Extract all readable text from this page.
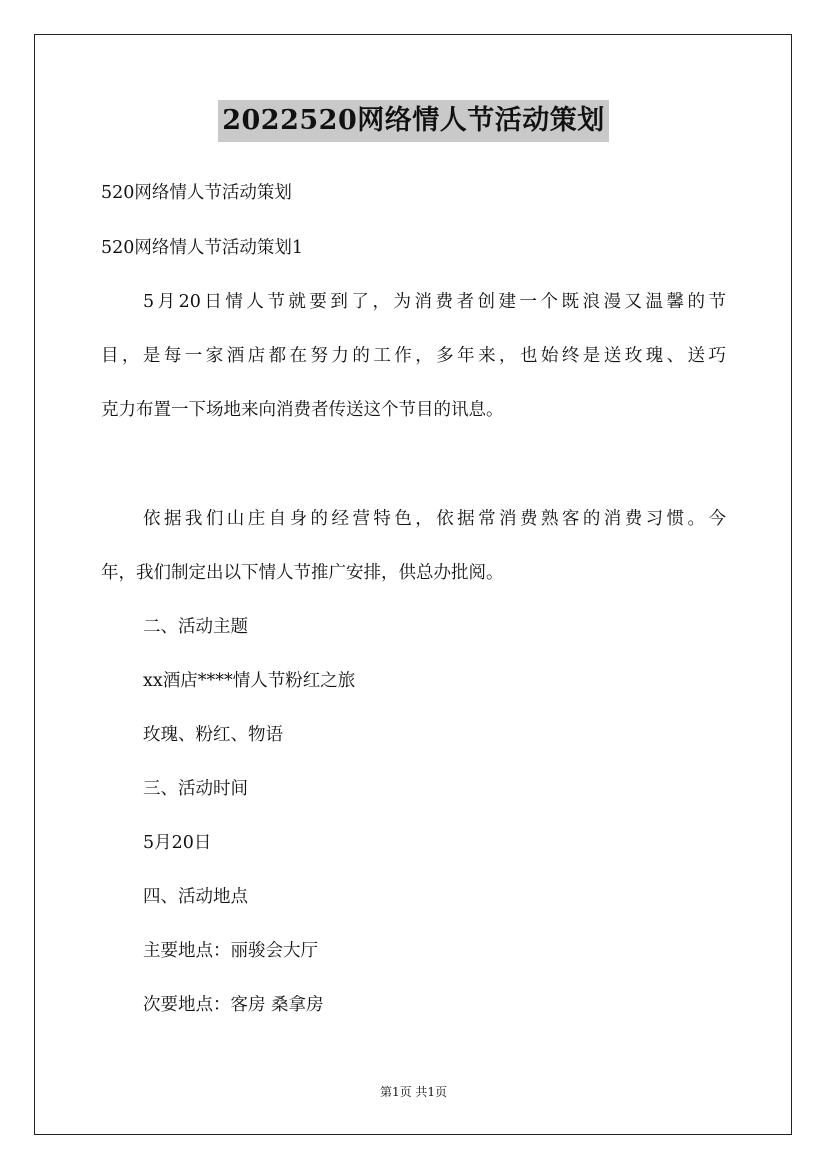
2022520网络情人节活动策划
520网络情人节活动策划
520网络情人节活动策划1
5月20日情人节就要到了，为消费者创建一个既浪漫又温馨的节
目，是每一家酒店都在努力的工作，多年来，也始终是送玫瑰、送巧
克力布置一下场地来向消费者传送这个节目的讯息。
依据我们山庄自身的经营特色，依据常消费熟客的消费习惯。今
年，我们制定出以下情人节推广安排，供总办批阅。
二、活动主题
xx酒店****情人节粉红之旅
玫瑰、粉红、物语
三、活动时间
5月20日
四、活动地点
主要地点：丽骏会大厅
次要地点：客房 桑拿房
第1页 共1页
